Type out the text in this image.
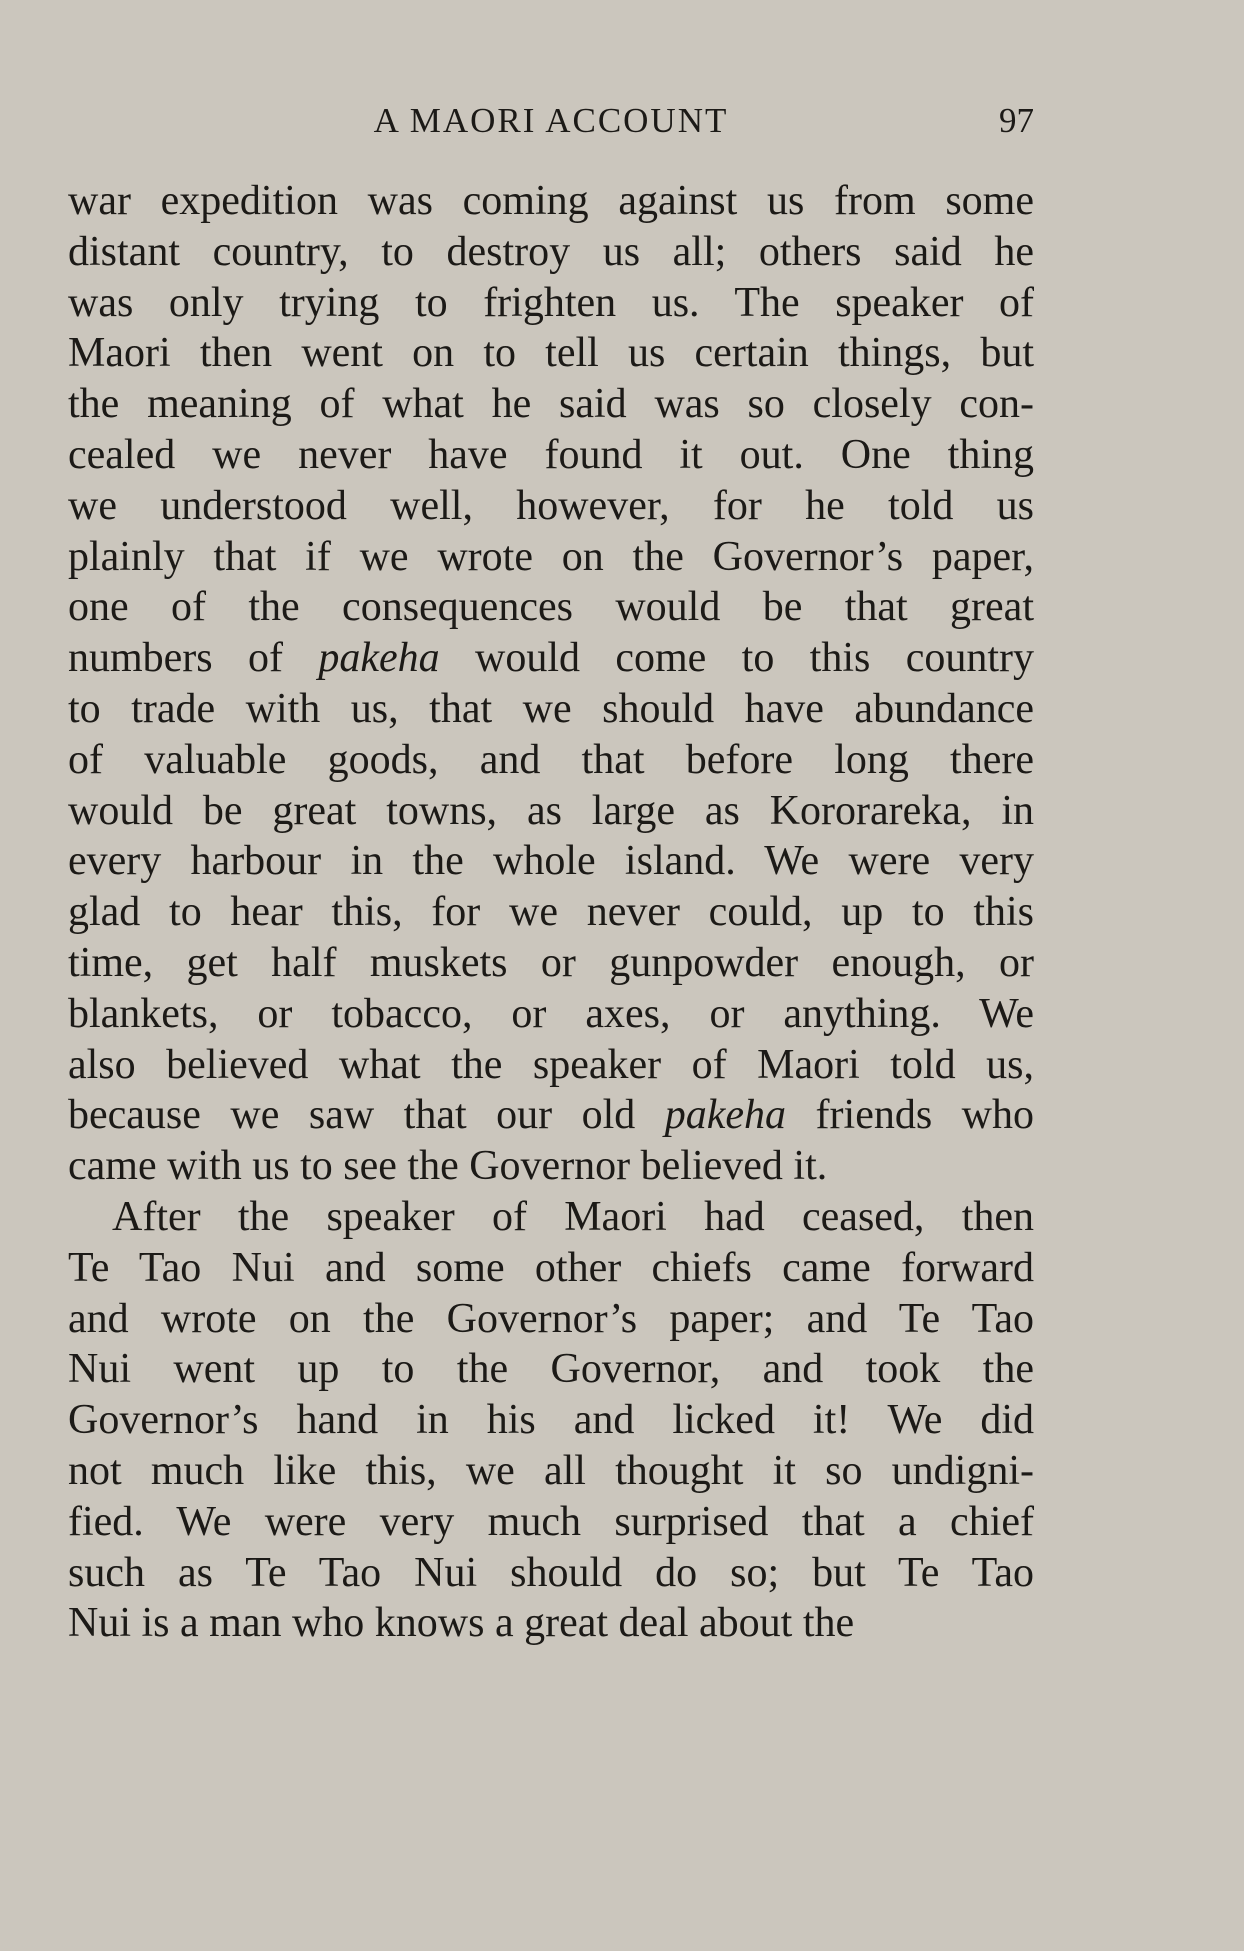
A MAORI ACCOUNT	97
war expedition was coming against us from some
distant country, to destroy us all; others said he
was only trying to frighten us. The speaker of
Maori then went on to tell us certain things, but
the meaning of what he said was so closely con-
cealed we never have found it out. One thing
we understood well, however, for he told us
plainly that if we wrote on the Governor’s paper,
one of the consequences would be that great
numbers of pakeha would come to this country
to trade with us, that we should have abundance
of valuable goods, and that before long there
would be great towns, as large as Kororareka, in
every harbour in the whole island. We were very
glad to hear this, for we never could, up to this
time, get half muskets or gunpowder enough, or
blankets, or tobacco, or axes, or anything. We
also believed what the speaker of Maori told us,
because we saw that our old pakeha friends who
came with us to see the Governor believed it.
After the speaker of Maori had ceased, then
Te Tao Nui and some other chiefs came forward
and wrote on the Governor’s paper; and Te Tao
Nui went up to the Governor, and took the
Governor’s hand in his and licked it! We did
not much like this, we all thought it so undigni-
fied. We were very much surprised that a chief
such as Te Tao Nui should do so; but Te Tao
Nui is a man who knows a great deal about the
